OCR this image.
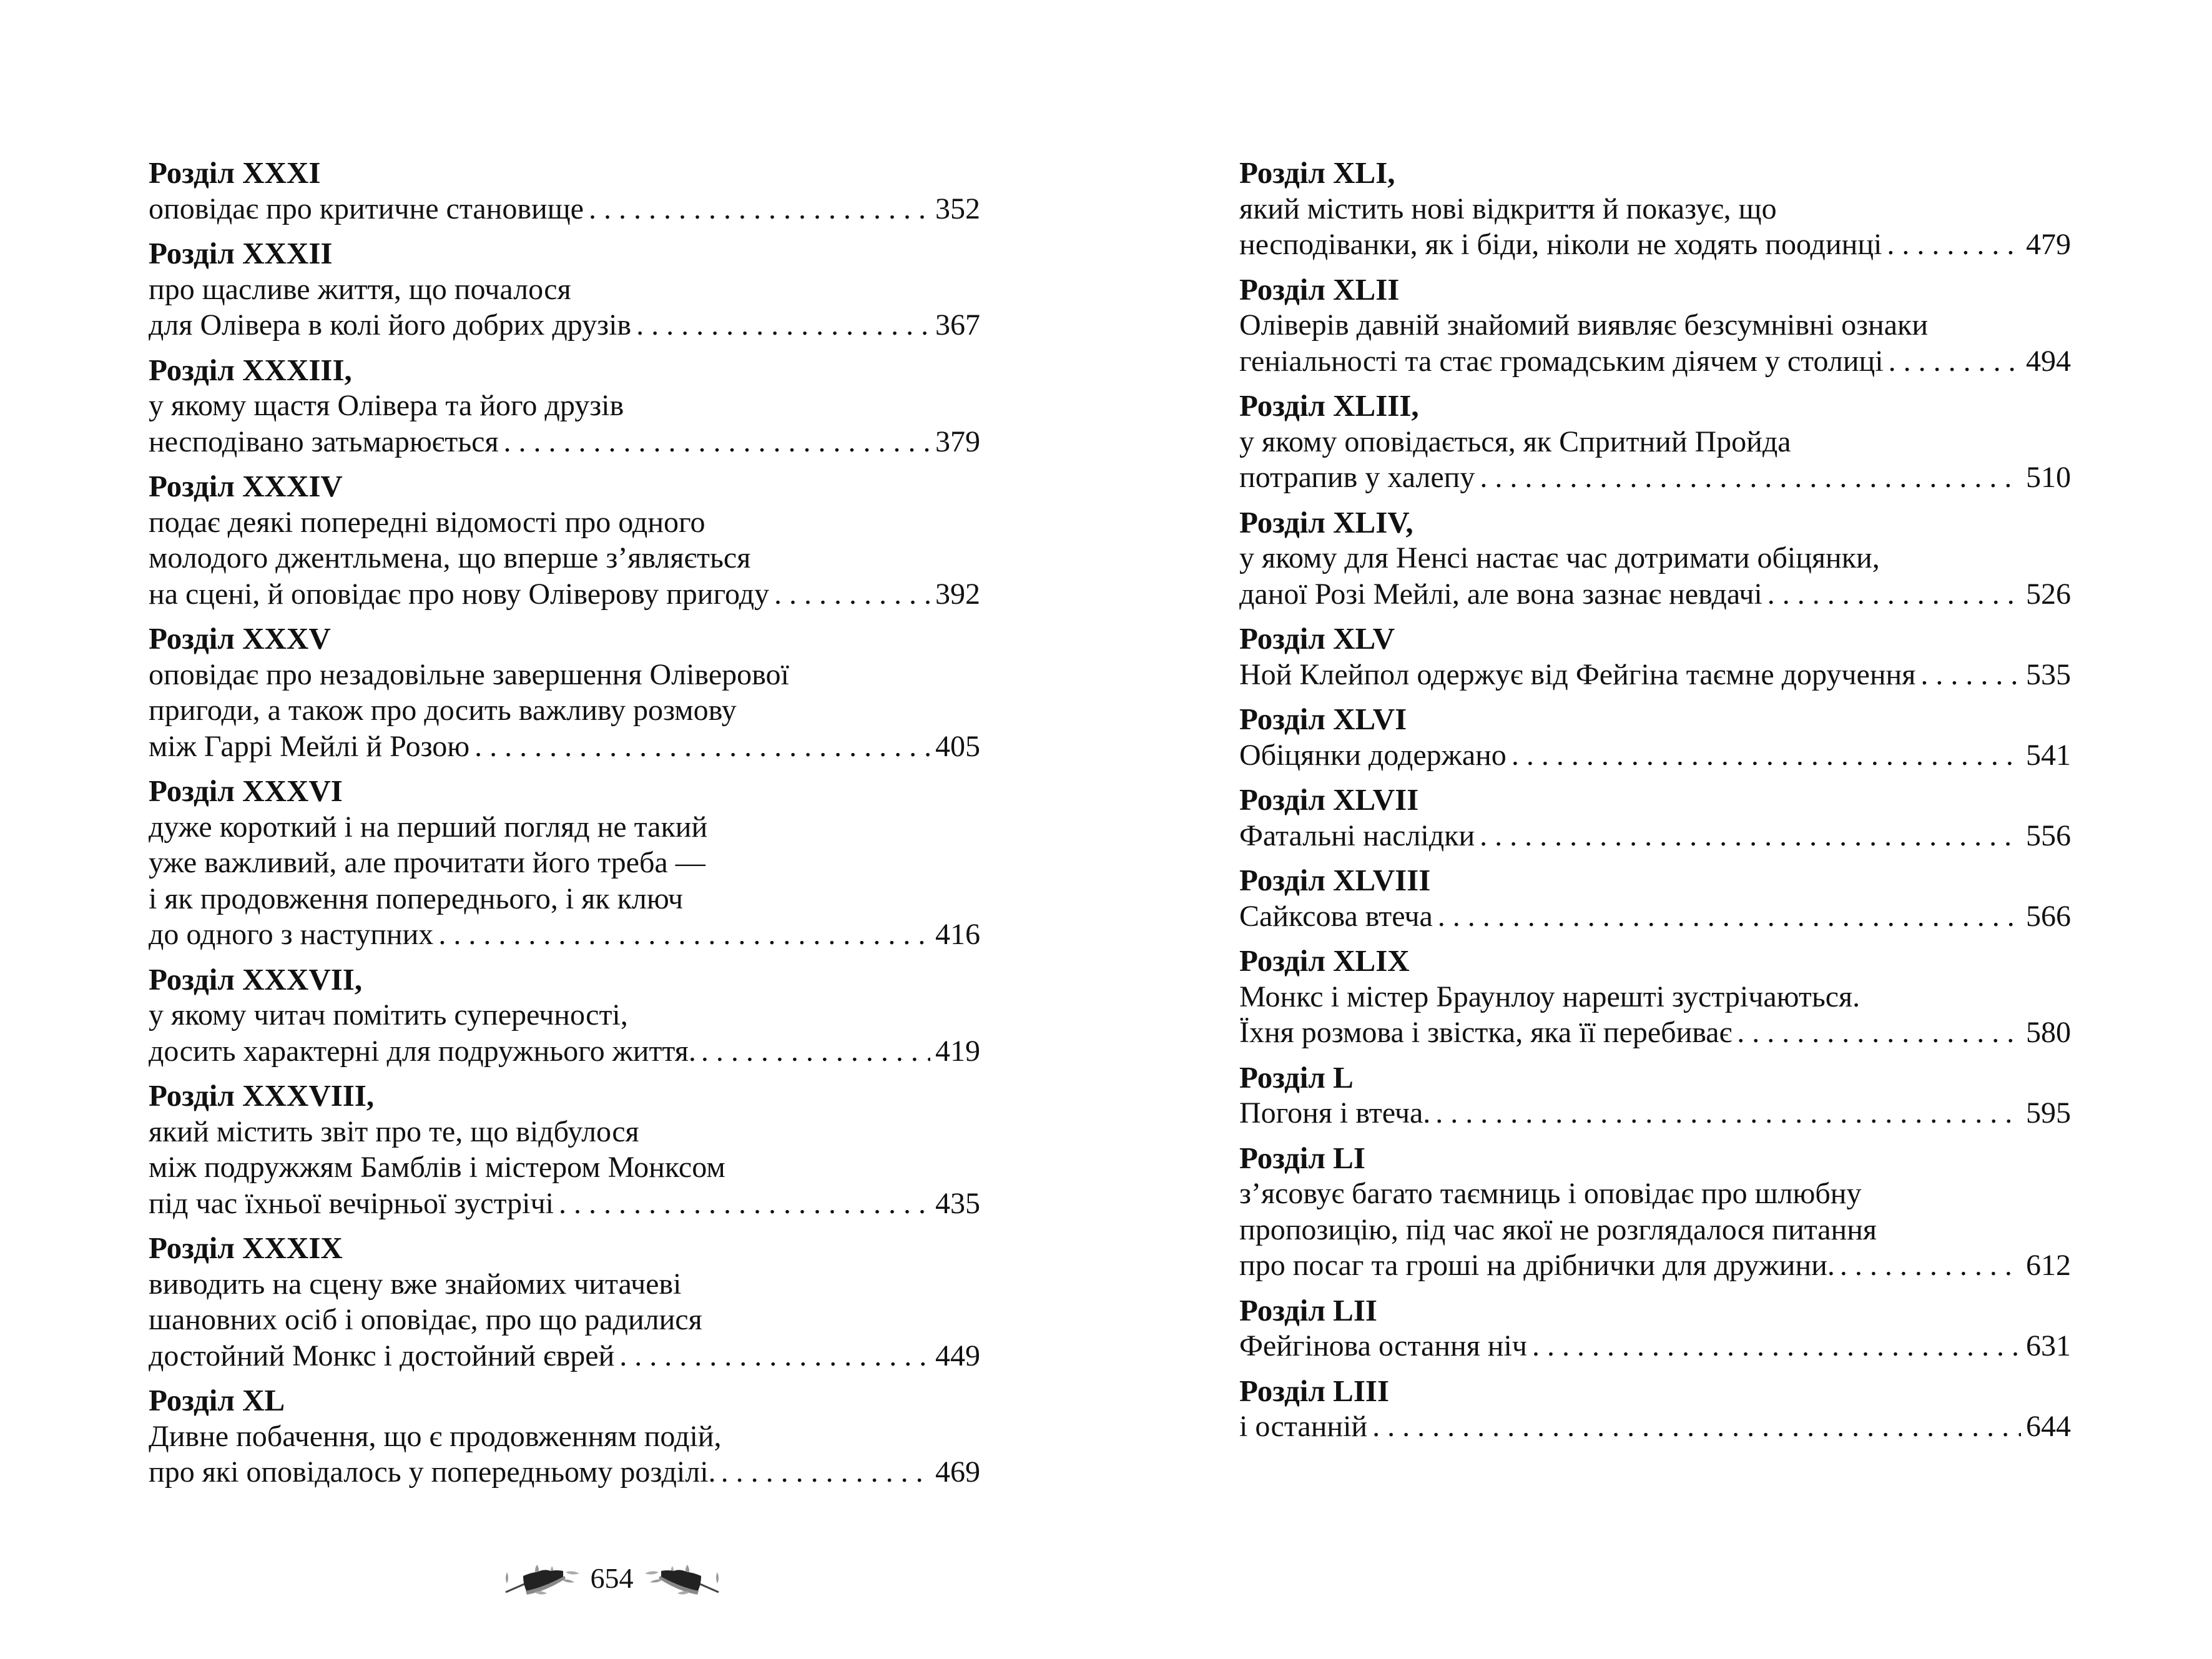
Розділ XXXI
оповідає про критичне становище . . .	352
Розділ XXXII
про щасливе життя, що почалося
для Олівера в колі його добрих друзів . . .	367
Розділ XXXIII,
у якому щастя Олівера та його друзів
несподівано затьмарюється . . .	379
Розділ XXXIV
подає деякі попередні відомості про одного
молодого джентльмена, що вперше з’являється
на сцені, й оповідає про нову Оліверову пригоду . . .	392
Розділ XXXV
оповідає про незадовільне завершення Оліверової
пригоди, а також про досить важливу розмову
між Гаррі Мейлі й Розою . . .	405
Розділ XXXVI
дуже короткий і на перший погляд не такий
уже важливий, але прочитати його треба —
і як продовження попереднього, і як ключ
до одного з наступних . . .	416
Розділ XXXVII,
у якому читач помітить суперечності,
досить характерні для подружнього життя. . . .	419
Розділ XXXVIII,
який містить звіт про те, що відбулося
між подружжям Бамблів і містером Монксом
під час їхньої вечірньої зустрічі . . .	435
Розділ XXXIX
виводить на сцену вже знайомих читачеві
шановних осіб і оповідає, про що радилися
достойний Монкс і достойний єврей . . .	449
Розділ XL
Дивне побачення, що є продовженням подій,
про які оповідалось у попередньому розділі. . . .	469
Розділ XLI,
який містить нові відкриття й показує, що
несподіванки, як і біди, ніколи не ходять поодинці . . .	479
Розділ XLII
Оліверів давній знайомий виявляє безсумнівні ознаки
геніальності та стає громадським діячем у столиці . . .	494
Розділ XLIII,
у якому оповідається, як Спритний Пройда
потрапив у халепу . . .	510
Розділ XLIV,
у якому для Ненсі настає час дотримати обіцянки,
даної Розі Мейлі, але вона зазнає невдачі . . .	526
Розділ XLV
Ной Клейпол одержує від Фейгіна таємне доручення . . .	535
Розділ XLVI
Обіцянки додержано . . .	541
Розділ XLVII
Фатальні наслідки . . .	556
Розділ XLVIII
Сайксова втеча . . .	566
Розділ XLIX
Монкс і містер Браунлоу нарешті зустрічаються.
Їхня розмова і звістка, яка її перебиває . . .	580
Розділ L
Погоня і втеча. . . .	595
Розділ LI
з’ясовує багато таємниць і оповідає про шлюбну
пропозицію, під час якої не розглядалося питання
про посаг та гроші на дрібнички для дружини. . . .	612
Розділ LII
Фейгінова остання ніч . . .	631
Розділ LIII
і останній . . .	644
654
